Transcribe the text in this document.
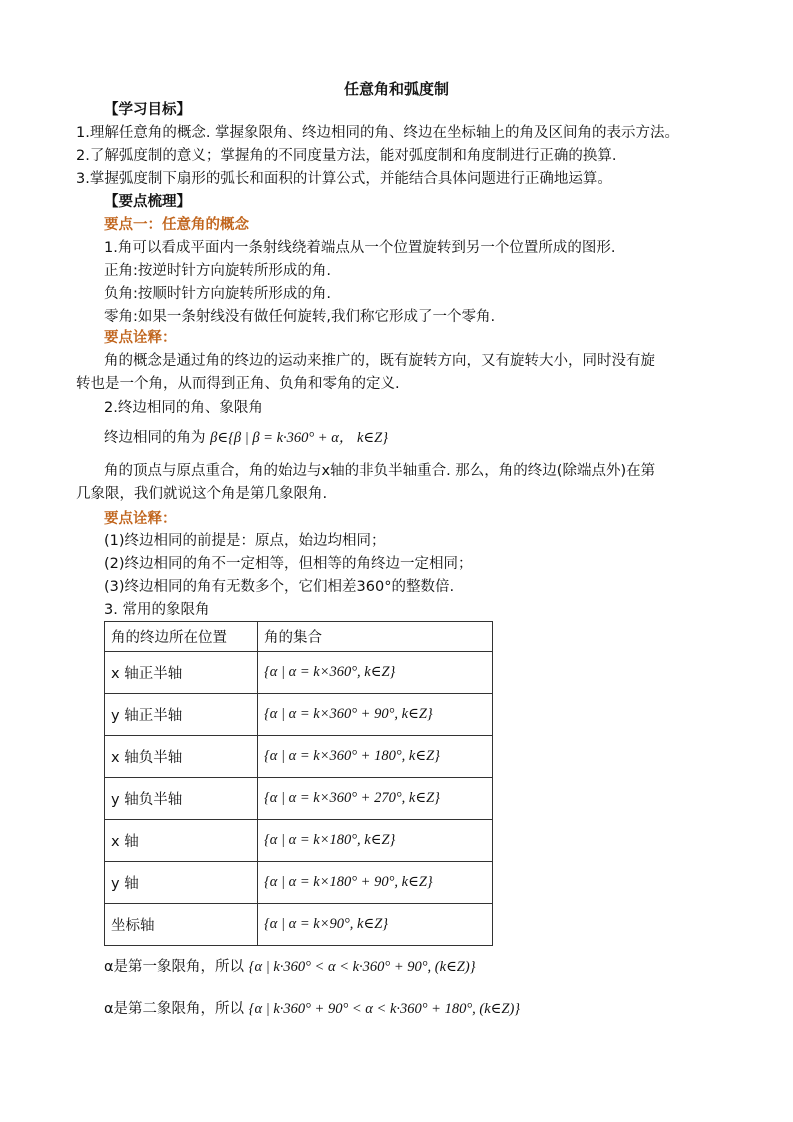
任意角和弧度制
【学习目标】
1.理解任意角的概念. 掌握象限角、终边相同的角、终边在坐标轴上的角及区间角的表示方法。
2.了解弧度制的意义；掌握角的不同度量方法，能对弧度制和角度制进行正确的换算.
3.掌握弧度制下扇形的弧长和面积的计算公式，并能结合具体问题进行正确地运算。
【要点梳理】
要点一：任意角的概念
1.角可以看成平面内一条射线绕着端点从一个位置旋转到另一个位置所成的图形.
正角:按逆时针方向旋转所形成的角.
负角:按顺时针方向旋转所形成的角.
零角:如果一条射线没有做任何旋转,我们称它形成了一个零角.
要点诠释：
角的概念是通过角的终边的运动来推广的，既有旋转方向，又有旋转大小，同时没有旋
转也是一个角，从而得到正角、负角和零角的定义.
2.终边相同的角、象限角
终边相同的角为 β∈{β | β = k·360° + α， k∈Z}
角的顶点与原点重合，角的始边与x轴的非负半轴重合. 那么，角的终边(除端点外)在第
几象限，我们就说这个角是第几象限角.
要点诠释：
(1)终边相同的前提是：原点，始边均相同；
(2)终边相同的角不一定相等，但相等的角终边一定相同；
(3)终边相同的角有无数多个，它们相差360°的整数倍.
3. 常用的象限角
角的终边所在位置	角的集合
x 轴正半轴	{α | α = k×360°, k∈Z}
y 轴正半轴	{α | α = k×360° + 90°, k∈Z}
x 轴负半轴	{α | α = k×360° + 180°, k∈Z}
y 轴负半轴	{α | α = k×360° + 270°, k∈Z}
x 轴	{α | α = k×180°, k∈Z}
y 轴	{α | α = k×180° + 90°, k∈Z}
坐标轴	{α | α = k×90°, k∈Z}
α是第一象限角，所以 {α | k·360° < α < k·360° + 90°, (k∈Z)}
α是第二象限角，所以 {α | k·360° + 90° < α < k·360° + 180°, (k∈Z)}
